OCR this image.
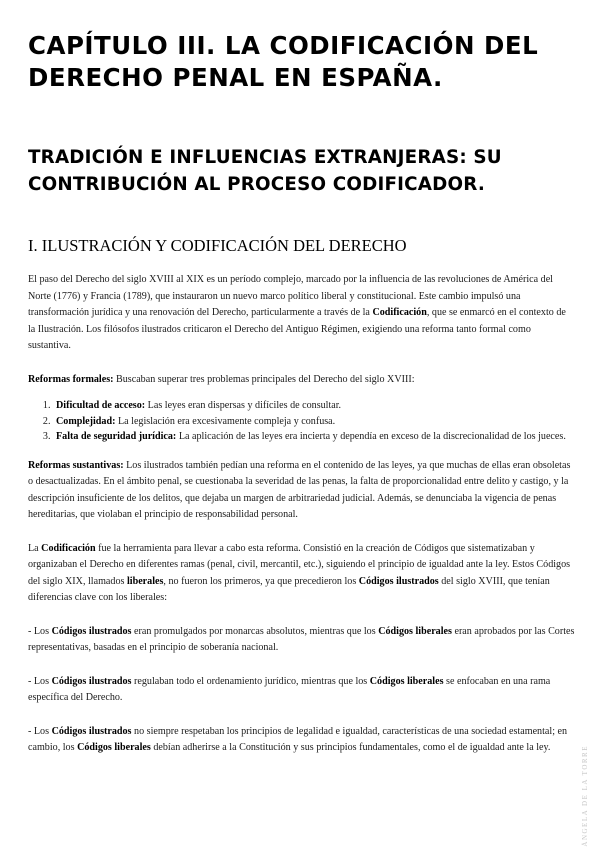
CAPÍTULO III. LA CODIFICACIÓN DEL DERECHO PENAL EN ESPAÑA.
TRADICIÓN E INFLUENCIAS EXTRANJERAS: SU CONTRIBUCIÓN AL PROCESO CODIFICADOR.
I. ILUSTRACIÓN Y CODIFICACIÓN DEL DERECHO

El paso del Derecho del siglo XVIII al XIX es un período complejo, marcado por la influencia de las revoluciones de América del Norte (1776) y Francia (1789), que instauraron un nuevo marco político liberal y constitucional. Este cambio impulsó una transformación jurídica y una renovación del Derecho, particularmente a través de la Codificación, que se enmarcó en el contexto de la Ilustración. Los filósofos ilustrados criticaron el Derecho del Antiguo Régimen, exigiendo una reforma tanto formal como sustantiva.

Reformas formales: Buscaban superar tres problemas principales del Derecho del siglo XVIII:

1. Dificultad de acceso: Las leyes eran dispersas y difíciles de consultar.
2. Complejidad: La legislación era excesivamente compleja y confusa.
3. Falta de seguridad jurídica: La aplicación de las leyes era incierta y dependía en exceso de la discrecionalidad de los jueces.

Reformas sustantivas: Los ilustrados también pedían una reforma en el contenido de las leyes, ya que muchas de ellas eran obsoletas o desactualizadas. En el ámbito penal, se cuestionaba la severidad de las penas, la falta de proporcionalidad entre delito y castigo, y la descripción insuficiente de los delitos, que dejaba un margen de arbitrariedad judicial. Además, se denunciaba la vigencia de penas hereditarias, que violaban el principio de responsabilidad personal.

La Codificación fue la herramienta para llevar a cabo esta reforma. Consistió en la creación de Códigos que sistematizaban y organizaban el Derecho en diferentes ramas (penal, civil, mercantil, etc.), siguiendo el principio de igualdad ante la ley. Estos Códigos del siglo XIX, llamados liberales, no fueron los primeros, ya que precedieron los Códigos ilustrados del siglo XVIII, que tenían diferencias clave con los liberales:

- Los Códigos ilustrados eran promulgados por monarcas absolutos, mientras que los Códigos liberales eran aprobados por las Cortes representativas, basadas en el principio de soberanía nacional.

- Los Códigos ilustrados regulaban todo el ordenamiento jurídico, mientras que los Códigos liberales se enfocaban en una rama específica del Derecho.

- Los Códigos ilustrados no siempre respetaban los principios de legalidad e igualdad, características de una sociedad estamental; en cambio, los Códigos liberales debían adherirse a la Constitución y sus principios fundamentales, como el de igualdad ante la ley.	ÁNGELA DE LA TORRE
